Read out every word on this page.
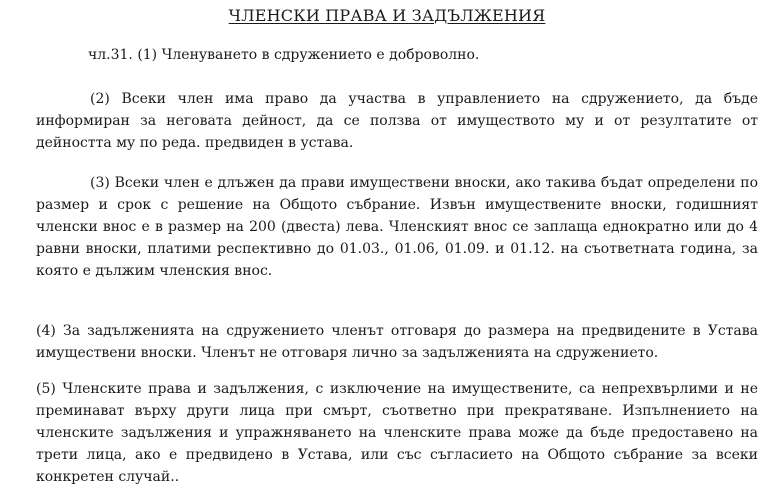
ЧЛЕНСКИ ПРАВА И ЗАДЪЛЖЕНИЯ

чл.31. (1) Членуването в сдружението е доброволно.

(2) Всеки член има право да участва в управлението на сдружението, да бъде информиран за неговата дейност, да се ползва от имуществото му и от резултатите от дейността му по реда. предвиден в устава.

(3) Всеки член е длъжен да прави имуществени вноски, ако такива бъдат определени по размер и срок с решение на Общото събрание. Извън имуществените вноски, годишният членски внос е в размер на 200 (двеста) лева. Членският внос се заплаща еднократно или до 4 равни вноски, платими респективно до 01.03., 01.06, 01.09. и 01.12. на съответната година, за която е дължим членския внос.

(4) За задълженията на сдружението членът отговаря до размера на предвидените в Устава имуществени вноски. Членът не отговаря лично за задълженията на сдружението.

(5) Членските права и задължения, с изключение на имуществените, са непрехвърлими и не преминават върху други лица при смърт, съответно при прекратяване. Изпълнението на членските задължения и упражняването на членските права може да бъде предоставено на трети лица, ако е предвидено в Устава, или със съгласието на Общото събрание за всеки конкретен случай..
